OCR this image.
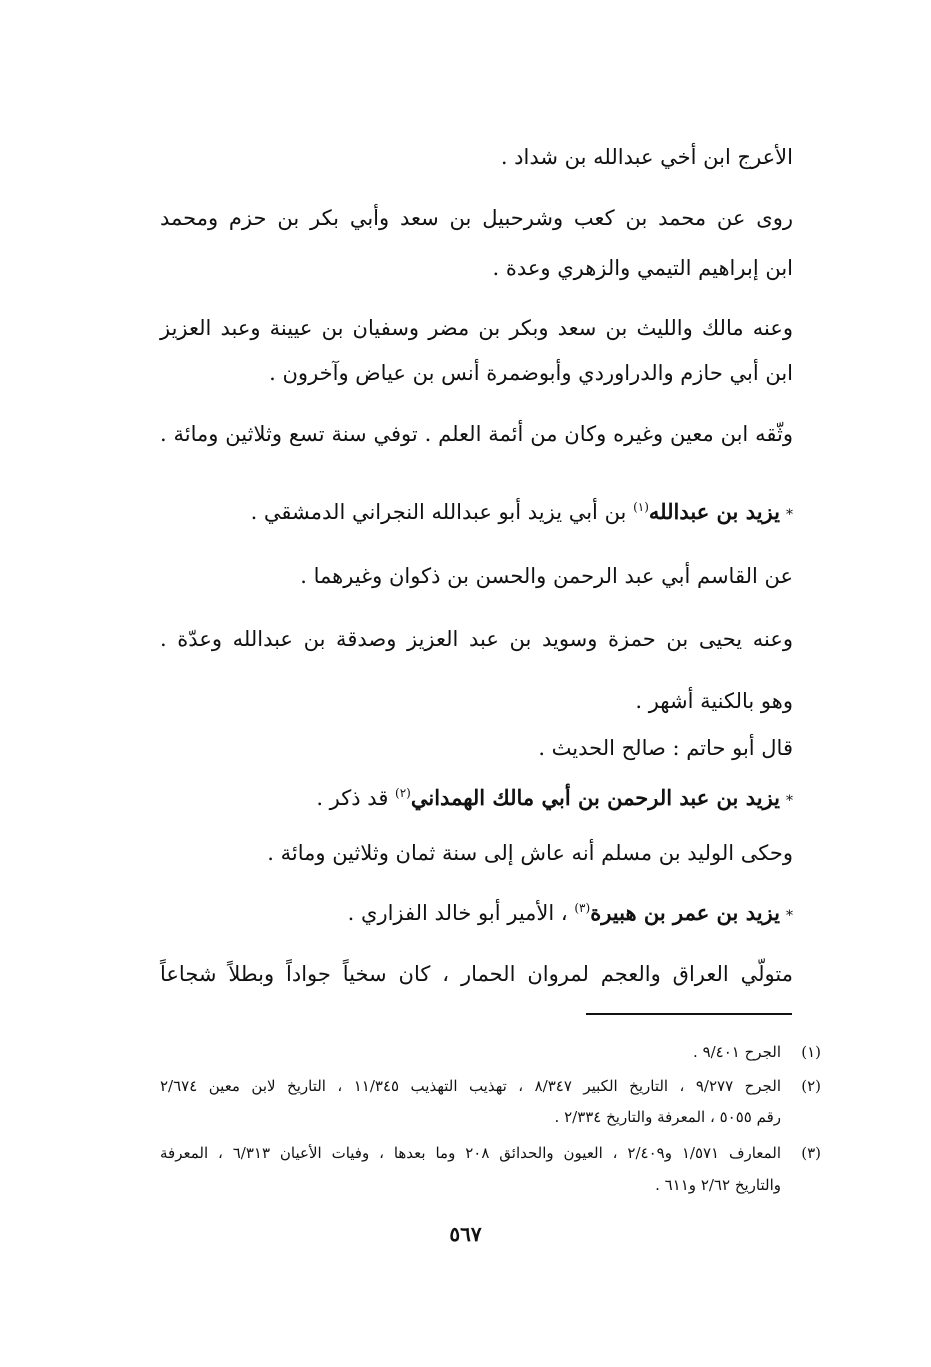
الأعرج ابن أخي عبدالله بن شداد .
روى عن محمد بن كعب وشرحبيل بن سعد وأبي بكر بن حزم ومحمد
ابن إبراهيم التيمي والزهري وعدة .
وعنه مالك والليث بن سعد وبكر بن مضر وسفيان بن عيينة وعبد العزيز
ابن أبي حازم والدراوردي وأبوضمرة أنس بن عياض وآخرون .
وثّقه ابن معين وغيره وكان من أئمة العلم . توفي سنة تسع وثلاثين ومائة .
*يزيد بن عبدالله$^{(١)}$ بن أبي يزيد أبو عبدالله النجراني الدمشقي .
عن القاسم أبي عبد الرحمن والحسن بن ذكوان وغيرهما .
وعنه يحيى بن حمزة وسويد بن عبد العزيز وصدقة بن عبدالله وعدّة .
وهو بالكنية أشهر .
قال أبو حاتم : صالح الحديث .
*يزيد بن عبد الرحمن بن أبي مالك الهمداني$^{(٢)}$ قد ذكر .
وحكى الوليد بن مسلم أنه عاش إلى سنة ثمان وثلاثين ومائة .
*يزيد بن عمر بن هبيرة$^{(٣)}$ ، الأمير أبو خالد الفزاري .
متولّي العراق والعجم لمروان الحمار ، كان سخياً جواداً وبطلاً شجاعاً
(١)
الجرح ٩/٤٠١ .
(٢)
الجرح ٩/٢٧٧ ، التاريخ الكبير ٨/٣٤٧ ، تهذيب التهذيب ١١/٣٤٥ ، التاريخ لابن معين ٢/٦٧٤
رقم ٥٠٥٥ ، المعرفة والتاريخ ٢/٣٣٤ .
(٣)
المعارف ١/٥٧١ و٢/٤٠٩ ، العيون والحدائق ٢٠٨ وما بعدها ، وفيات الأعيان ٦/٣١٣ ، المعرفة
والتاريخ ٢/٦٢ و٦١١ .
٥٦٧
